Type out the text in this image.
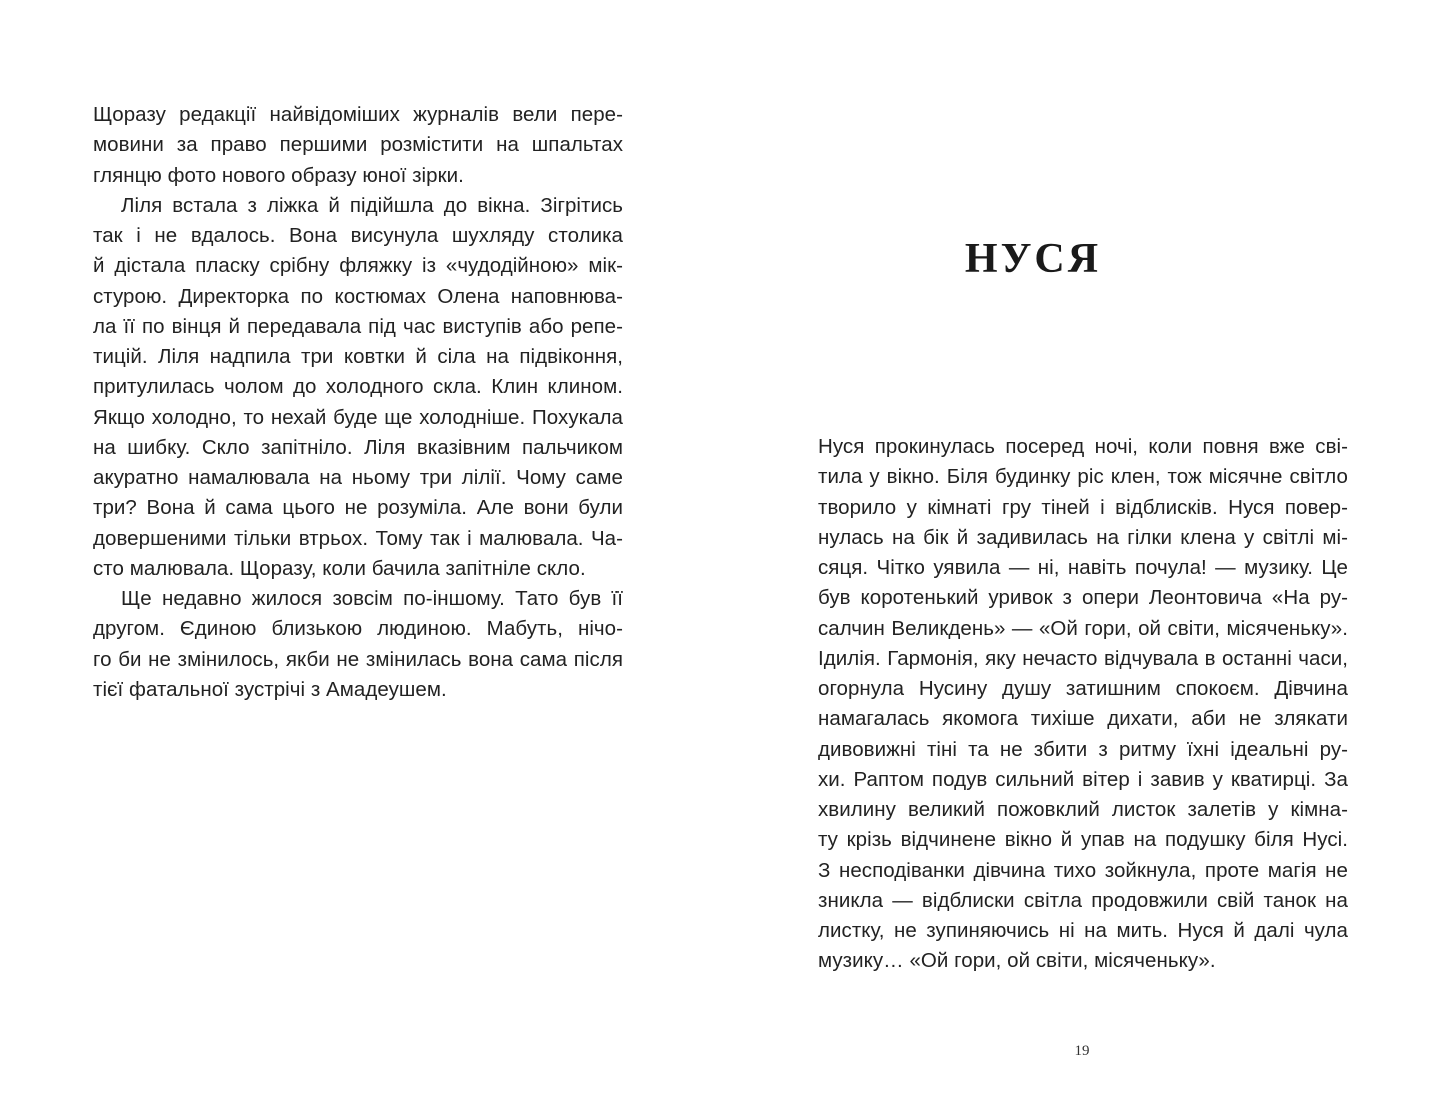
Щоразу редакції найвідоміших журналів вели пере-
мовини за право першими розмістити на шпальтах
глянцю фото нового образу юної зірки.
Ліля встала з ліжка й підійшла до вікна. Зігрітись
так і не вдалось. Вона висунула шухляду столика
й дістала пласку срібну фляжку із «чудодійною» мік-
стурою. Директорка по костюмах Олена наповнюва-
ла її по вінця й передавала під час виступів або репе-
тицій. Ліля надпила три ковтки й сіла на підвіконня,
притулилась чолом до холодного скла. Клин клином.
Якщо холодно, то нехай буде ще холодніше. Похукала
на шибку. Скло запітніло. Ліля вказівним пальчиком
акуратно намалювала на ньому три лілії. Чому саме
три? Вона й сама цього не розуміла. Але вони були
довершеними тільки втрьох. Тому так і малювала. Ча-
сто малювала. Щоразу, коли бачила запітніле скло.
Ще недавно жилося зовсім по-іншому. Тато був її
другом. Єдиною близькою людиною. Мабуть, нічо-
го би не змінилось, якби не змінилась вона сама після
тієї фатальної зустрічі з Амадеушем.
НУСЯ
Нуся прокинулась посеред ночі, коли повня вже сві-
тила у вікно. Біля будинку ріс клен, тож місячне світло
творило у кімнаті гру тіней і відблисків. Нуся повер-
нулась на бік й задивилась на гілки клена у світлі мі-
сяця. Чітко уявила — ні, навіть почула! — музику. Це
був коротенький уривок з опери Леонтовича «На ру-
салчин Великдень» — «Ой гори, ой світи, місяченьку».
Ідилія. Гармонія, яку нечасто відчувала в останні часи,
огорнула Нусину душу затишним спокоєм. Дівчина
намагалась якомога тихіше дихати, аби не злякати
дивовижні тіні та не збити з ритму їхні ідеальні ру-
хи. Раптом подув сильний вітер і завив у кватирці. За
хвилину великий пожовклий листок залетів у кімна-
ту крізь відчинене вікно й упав на подушку біля Нусі.
З несподіванки дівчина тихо зойкнула, проте магія не
зникла — відблиски світла продовжили свій танок на
листку, не зупиняючись ні на мить. Нуся й далі чула
музику… «Ой гори, ой світи, місяченьку».
19
